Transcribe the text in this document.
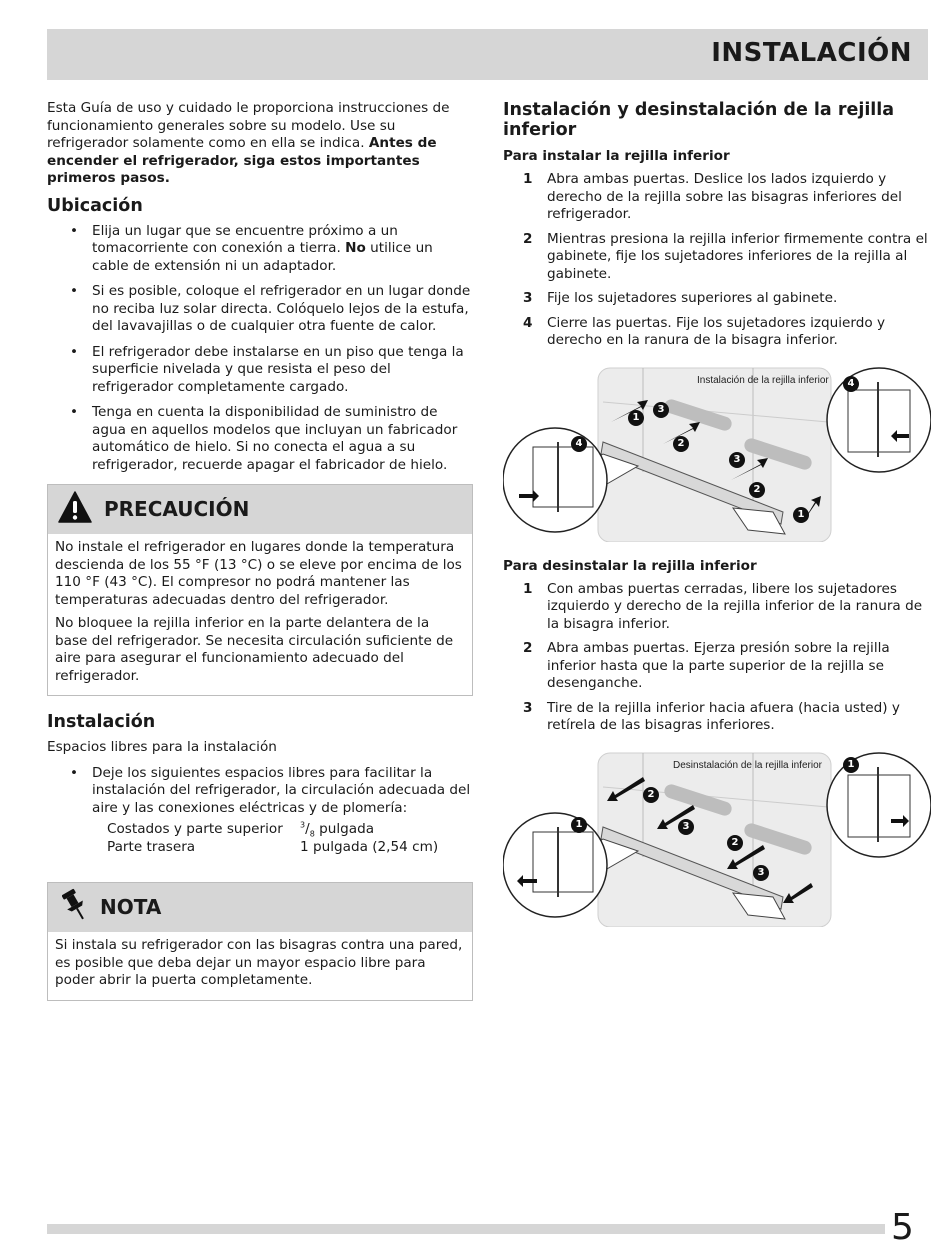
INSTALACIÓN

Esta Guía de uso y cuidado le proporciona instrucciones de funcionamiento generales sobre su modelo. Use su refrigerador solamente como en ella se indica. Antes de encender el refrigerador, siga estos importantes primeros pasos.

Ubicación
• Elija un lugar que se encuentre próximo a un tomacorriente con conexión a tierra. No utilice un cable de extensión ni un adaptador.
• Si es posible, coloque el refrigerador en un lugar donde no reciba luz solar directa. Colóquelo lejos de la estufa, del lavavajillas o de cualquier otra fuente de calor.
• El refrigerador debe instalarse en un piso que tenga la superficie nivelada y que resista el peso del refrigerador completamente cargado.
• Tenga en cuenta la disponibilidad de suministro de agua en aquellos modelos que incluyan un fabricador automático de hielo. Si no conecta el agua a su refrigerador, recuerde apagar el fabricador de hielo.
PRECAUCIÓN

No instale el refrigerador en lugares donde la temperatura descienda de los 55 °F (13 °C) o se eleve por encima de los 110 °F (43 °C). El compresor no podrá mantener las temperaturas adecuadas dentro del refrigerador.

No bloquee la rejilla inferior en la parte delantera de la base del refrigerador. Se necesita circulación suficiente de aire para asegurar el funcionamiento adecuado del refrigerador.

Instalación

Espacios libres para la instalación

• Deje los siguientes espacios libres para facilitar la instalación del refrigerador, la circulación adecuada del aire y las conexiones eléctricas y de plomería:
Costados y parte superior	$^3/_8$ pulgada
Parte trasera	1 pulgada (2,54 cm)
NOTA

Si instala su refrigerador con las bisagras contra una pared, es posible que deba dejar un mayor espacio libre para poder abrir la puerta completamente.

Instalación y desinstalación de la rejilla inferior
Para instalar la rejilla inferior
1 Abra ambas puertas. Deslice los lados izquierdo y derecho de la rejilla sobre las bisagras inferiores del refrigerador.
2 Mientras presiona la rejilla inferior firmemente contra el gabinete, fije los sujetadores inferiores de la rejilla al gabinete.
3 Fije los sujetadores superiores al gabinete.
4 Cierre las puertas. Fije los sujetadores izquierdo y derecho en la ranura de la bisagra inferior.
Instalación de la rejilla inferior
1
3
2
3
2
1
4
4
Para desinstalar la rejilla inferior
1 Con ambas puertas cerradas, libere los sujetadores izquierdo y derecho de la rejilla inferior de la ranura de la bisagra inferior.
2 Abra ambas puertas. Ejerza presión sobre la rejilla inferior hasta que la parte superior de la rejilla se desenganche.
3 Tire de la rejilla inferior hacia afuera (hacia usted) y retírela de las bisagras inferiores.
Desinstalación de la rejilla inferior
2
3
2
3
1
1
5
